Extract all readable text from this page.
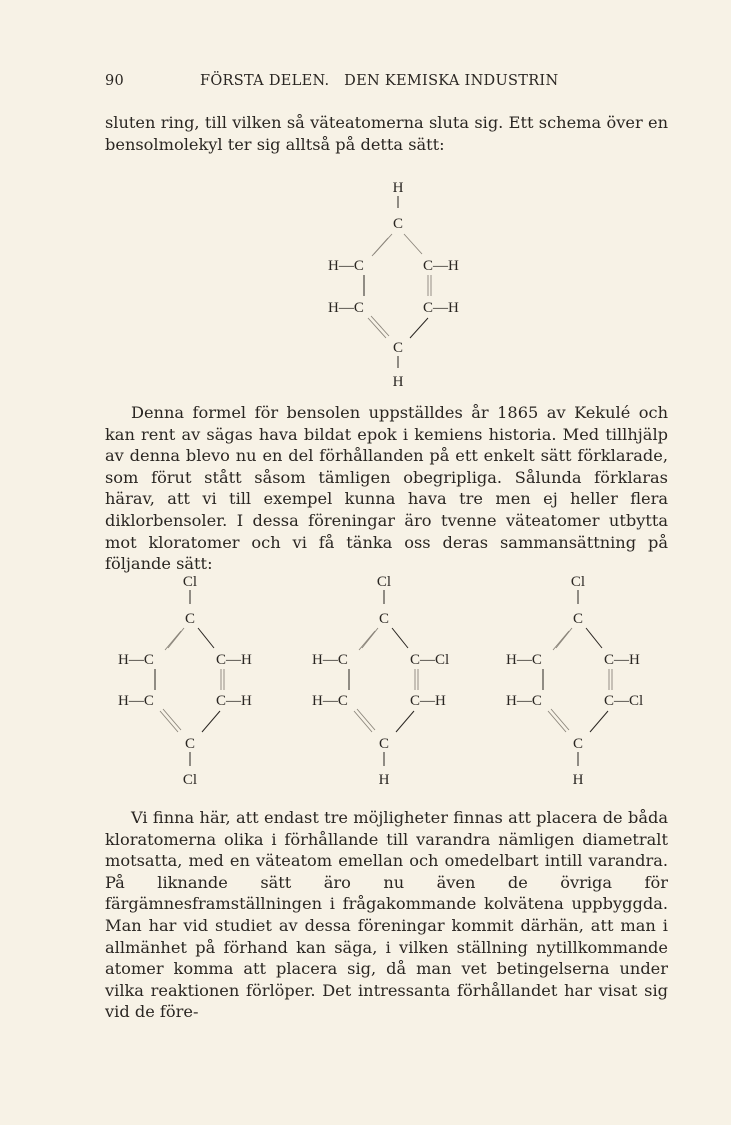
90	FÖRSTA DELEN.   DEN KEMISKA INDUSTRIN

sluten ring, till vilken så väteatomerna sluta sig. Ett schema över en bensolmolekyl ter sig alltså på detta sätt:

H
C
H—C	C—H
H—C	C—H
C
H

Denna formel för bensolen uppställdes år 1865 av Kekulé och kan rent av sägas hava bildat epok i kemiens historia. Med tillhjälp av denna blevo nu en del förhållanden på ett enkelt sätt förklarade, som förut stått såsom tämligen obegripliga. Sålunda förklaras härav, att vi till exempel kunna hava tre men ej heller flera diklorbensoler. I dessa föreningar äro tvenne väteatomer utbytta mot kloratomer och vi få tänka oss deras sammansättning på följande sätt:

Cl
C
H—C	C—H
H—C	C—H
C
Cl
Cl
C
H—C	C—Cl
H—C	C—H
C
H
Cl
C
H—C	C—H
H—C	C—Cl
C
H

Vi finna här, att endast tre möjligheter finnas att placera de båda kloratomerna olika i förhållande till varandra nämligen diametralt motsatta, med en väteatom emellan och omedelbart intill varandra. På liknande sätt äro nu även de övriga för färgämnesframställningen i frågakommande kolvätena uppbyggda. Man har vid studiet av dessa föreningar kommit därhän, att man i allmänhet på förhand kan säga, i vilken ställning nytillkommande atomer komma att placera sig, då man vet betingelserna under vilka reaktionen förlöper. Det intressanta förhållandet har visat sig vid de före-
